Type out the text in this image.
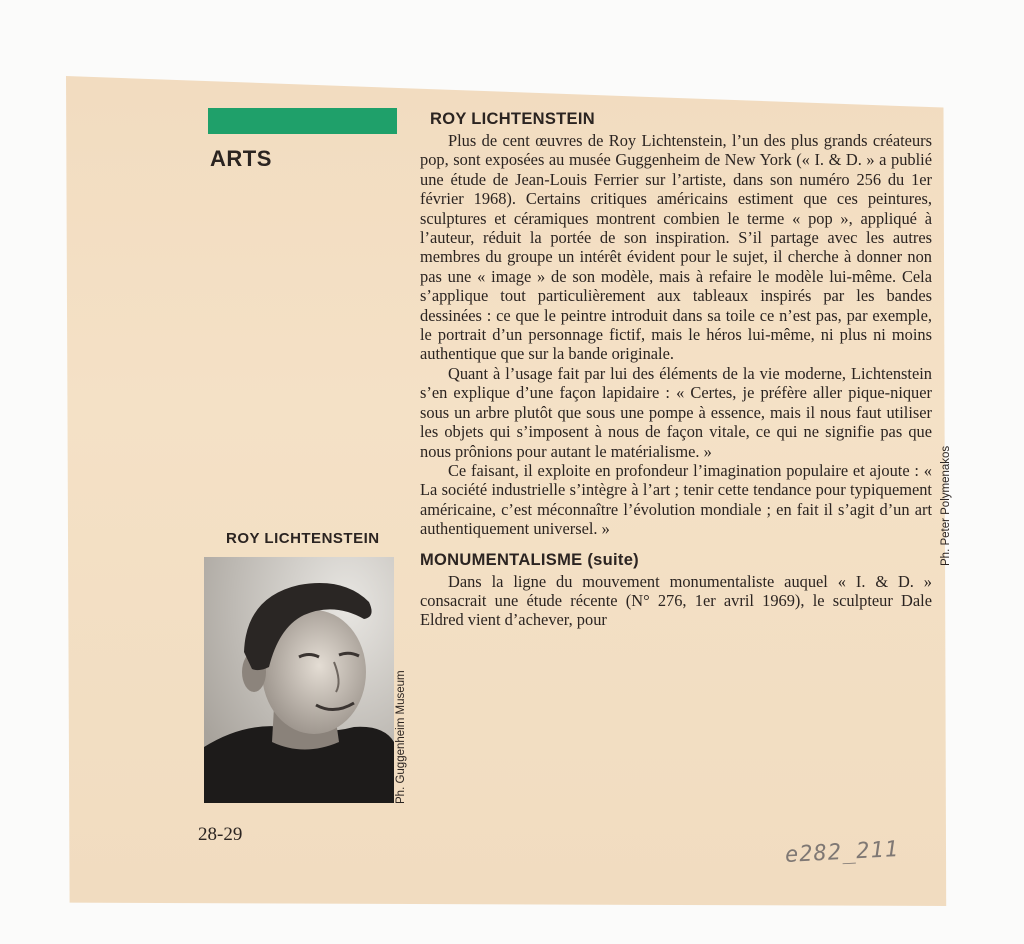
ARTS
ROY LICHTENSTEIN
Ph. Guggenheim Museum
Ph. Peter Polymenakos
28-29
e282_211
ROY LICHTENSTEIN

Plus de cent œuvres de Roy Lichtenstein, l’un des plus grands créateurs pop, sont exposées au musée Guggenheim de New York (« I. & D. » a publié une étude de Jean-Louis Ferrier sur l’artiste, dans son numéro 256 du 1er février 1968). Certains critiques américains estiment que ces peintures, sculptures et céramiques montrent combien le terme « pop », appliqué à l’auteur, réduit la portée de son inspiration. S’il partage avec les autres membres du groupe un intérêt évident pour le sujet, il cherche à donner non pas une « image » de son modèle, mais à refaire le modèle lui-même. Cela s’applique tout particulièrement aux tableaux inspirés par les bandes dessinées : ce que le peintre introduit dans sa toile ce n’est pas, par exemple, le portrait d’un personnage fictif, mais le héros lui-même, ni plus ni moins authentique que sur la bande originale.

Quant à l’usage fait par lui des éléments de la vie moderne, Lichtenstein s’en explique d’une façon lapidaire : « Certes, je préfère aller pique-niquer sous un arbre plutôt que sous une pompe à essence, mais il nous faut utiliser les objets qui s’imposent à nous de façon vitale, ce qui ne signifie pas que nous prônions pour autant le matérialisme. »

Ce faisant, il exploite en profondeur l’imagination populaire et ajoute : « La société industrielle s’intègre à l’art ; tenir cette tendance pour typiquement américaine, c’est méconnaître l’évolution mondiale ; en fait il s’agit d’un art authentiquement universel. »

MONUMENTALISME (suite)

Dans la ligne du mouvement monumentaliste auquel « I. & D. » consacrait une étude récente (N° 276, 1er avril 1969), le sculpteur Dale Eldred vient d’achever, pour
